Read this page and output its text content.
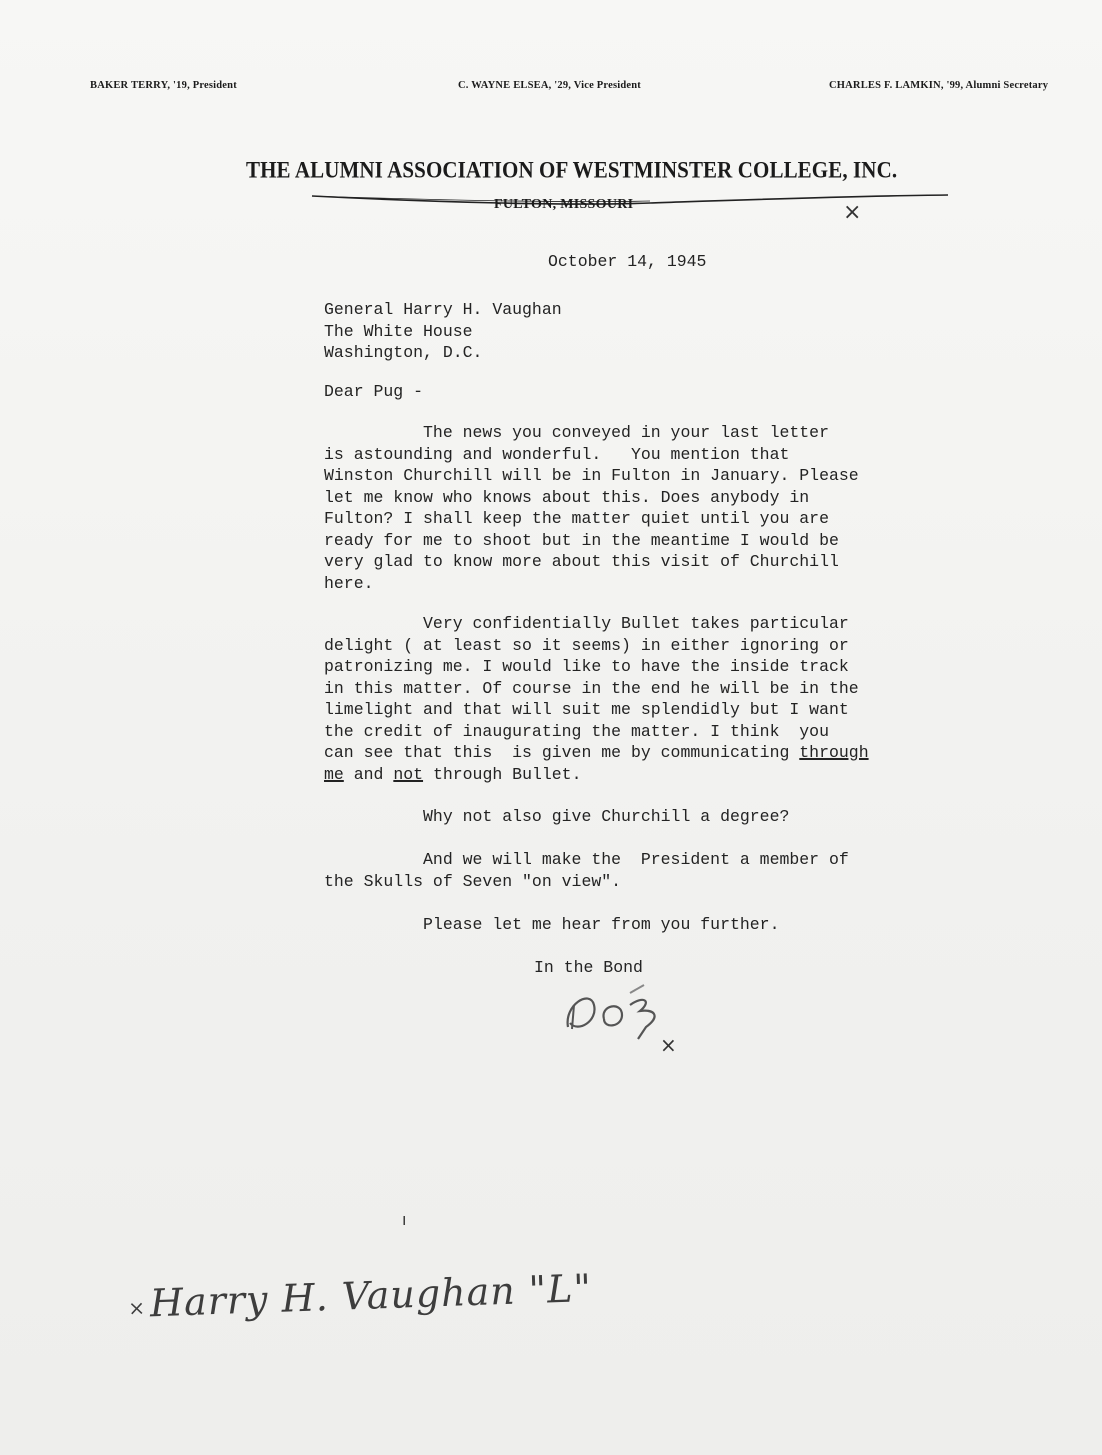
BAKER TERRY, '19, President	C. WAYNE ELSEA, '29, Vice President	CHARLES F. LAMKIN, '99, Alumni Secretary
THE ALUMNI ASSOCIATION OF WESTMINSTER COLLEGE, INC.
FULTON, MISSOURI	×
October 14, 1945
General Harry H. Vaughan
The White House
Washington, D.C.
Dear Pug -
The news you conveyed in your last letter
is astounding and wonderful.   You mention that
Winston Churchill will be in Fulton in January. Please
let me know who knows about this. Does anybody in
Fulton? I shall keep the matter quiet until you are
ready for me to shoot but in the meantime I would be
very glad to know more about this visit of Churchill
here.
Very confidentially Bullet takes particular
delight ( at least so it seems) in either ignoring or
patronizing me. I would like to have the inside track
in this matter. Of course in the end he will be in the
limelight and that will suit me splendidly but I want
the credit of inaugurating the matter. I think  you
can see that this  is given me by communicating through
me and not through Bullet.
Why not also give Churchill a degree?
And we will make the  President a member of
the Skulls of Seven "on view".
Please let me hear from you further.
In the Bond
×
ı
×Harry H. Vaughan "L"
